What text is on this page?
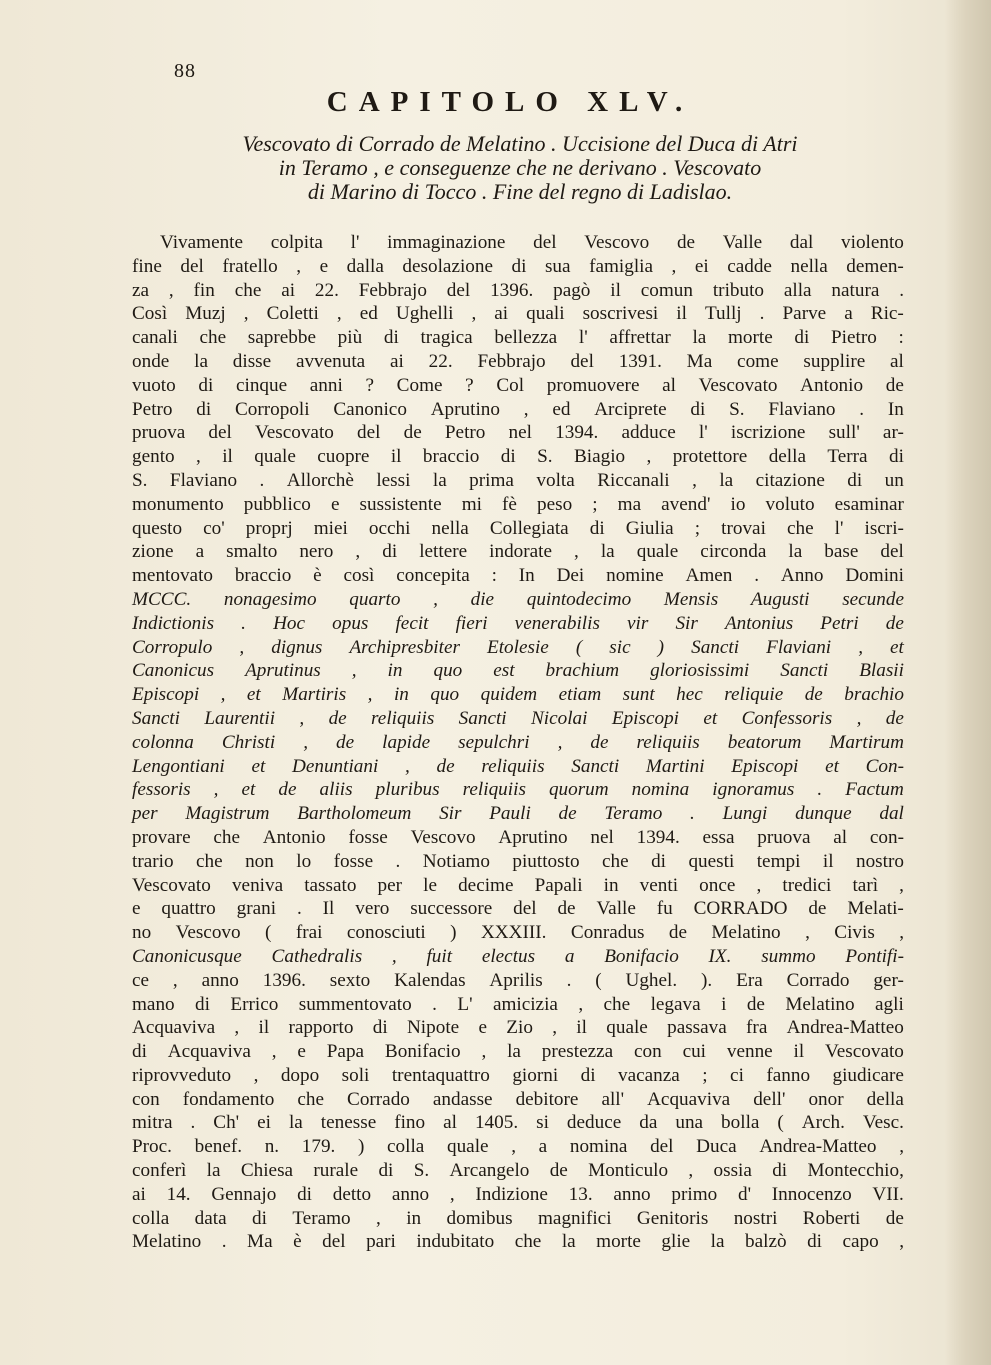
88
CAPITOLO XLV.
Vescovato di Corrado de Melatino . Uccisione del Duca di Atri
in Teramo , e conseguenze che ne derivano . Vescovato
di Marino di Tocco . Fine del regno di Ladislao.
Vivamente colpita l' immaginazione del Vescovo de Valle dal violento
fine del fratello , e dalla desolazione di sua famiglia , ei cadde nella demen-
za , fin che ai 22. Febbrajo del 1396. pagò il comun tributo alla natura .
Così Muzj , Coletti , ed Ughelli , ai quali soscrivesi il Tullj . Parve a Ric-
canali che saprebbe più di tragica bellezza l' affrettar la morte di Pietro :
onde la disse avvenuta ai 22. Febbrajo del 1391. Ma come supplire al
vuoto di cinque anni ? Come ? Col promuovere al Vescovato Antonio de
Petro di Corropoli Canonico Aprutino , ed Arciprete di S. Flaviano . In
pruova del Vescovato del de Petro nel 1394. adduce l' iscrizione sull' ar-
gento , il quale cuopre il braccio di S. Biagio , protettore della Terra di
S. Flaviano . Allorchè lessi la prima volta Riccanali , la citazione di un
monumento pubblico e sussistente mi fè peso ; ma avend' io voluto esaminar
questo co' proprj miei occhi nella Collegiata di Giulia ; trovai che l' iscri-
zione a smalto nero , di lettere indorate , la quale circonda la base del
mentovato braccio è così concepita : In Dei nomine Amen . Anno Domini
MCCC. nonagesimo quarto , die quintodecimo Mensis Augusti secunde
Indictionis . Hoc opus fecit fieri venerabilis vir Sir Antonius Petri de
Corropulo , dignus Archipresbiter Etolesie ( sic ) Sancti Flaviani , et
Canonicus Aprutinus , in quo est brachium gloriosissimi Sancti Blasii
Episcopi , et Martiris , in quo quidem etiam sunt hec reliquie de brachio
Sancti Laurentii , de reliquiis Sancti Nicolai Episcopi et Confessoris , de
colonna Christi , de lapide sepulchri , de reliquiis beatorum Martirum
Lengontiani et Denuntiani , de reliquiis Sancti Martini Episcopi et Con-
fessoris , et de aliis pluribus reliquiis quorum nomina ignoramus . Factum
per Magistrum Bartholomeum Sir Pauli de Teramo . Lungi dunque dal
provare che Antonio fosse Vescovo Aprutino nel 1394. essa pruova al con-
trario che non lo fosse . Notiamo piuttosto che di questi tempi il nostro
Vescovato veniva tassato per le decime Papali in venti once , tredici tarì ,
e quattro grani . Il vero successore del de Valle fu CORRADO de Melati-
no Vescovo ( frai conosciuti ) XXXIII. Conradus de Melatino , Civis ,
Canonicusque Cathedralis , fuit electus a Bonifacio IX. summo Pontifi-
ce , anno 1396. sexto Kalendas Aprilis . ( Ughel. ). Era Corrado ger-
mano di Errico summentovato . L' amicizia , che legava i de Melatino agli
Acquaviva , il rapporto di Nipote e Zio , il quale passava fra Andrea-Matteo
di Acquaviva , e Papa Bonifacio , la prestezza con cui venne il Vescovato
riprovveduto , dopo soli trentaquattro giorni di vacanza ; ci fanno giudicare
con fondamento che Corrado andasse debitore all' Acquaviva dell' onor della
mitra . Ch' ei la tenesse fino al 1405. si deduce da una bolla ( Arch. Vesc.
Proc. benef. n. 179. ) colla quale , a nomina del Duca Andrea-Matteo ,
conferì la Chiesa rurale di S. Arcangelo de Monticulo , ossia di Montecchio,
ai 14. Gennajo di detto anno , Indizione 13. anno primo d' Innocenzo VII.
colla data di Teramo , in domibus magnifici Genitoris nostri Roberti de
Melatino . Ma è del pari indubitato che la morte glie la balzò di capo ,
